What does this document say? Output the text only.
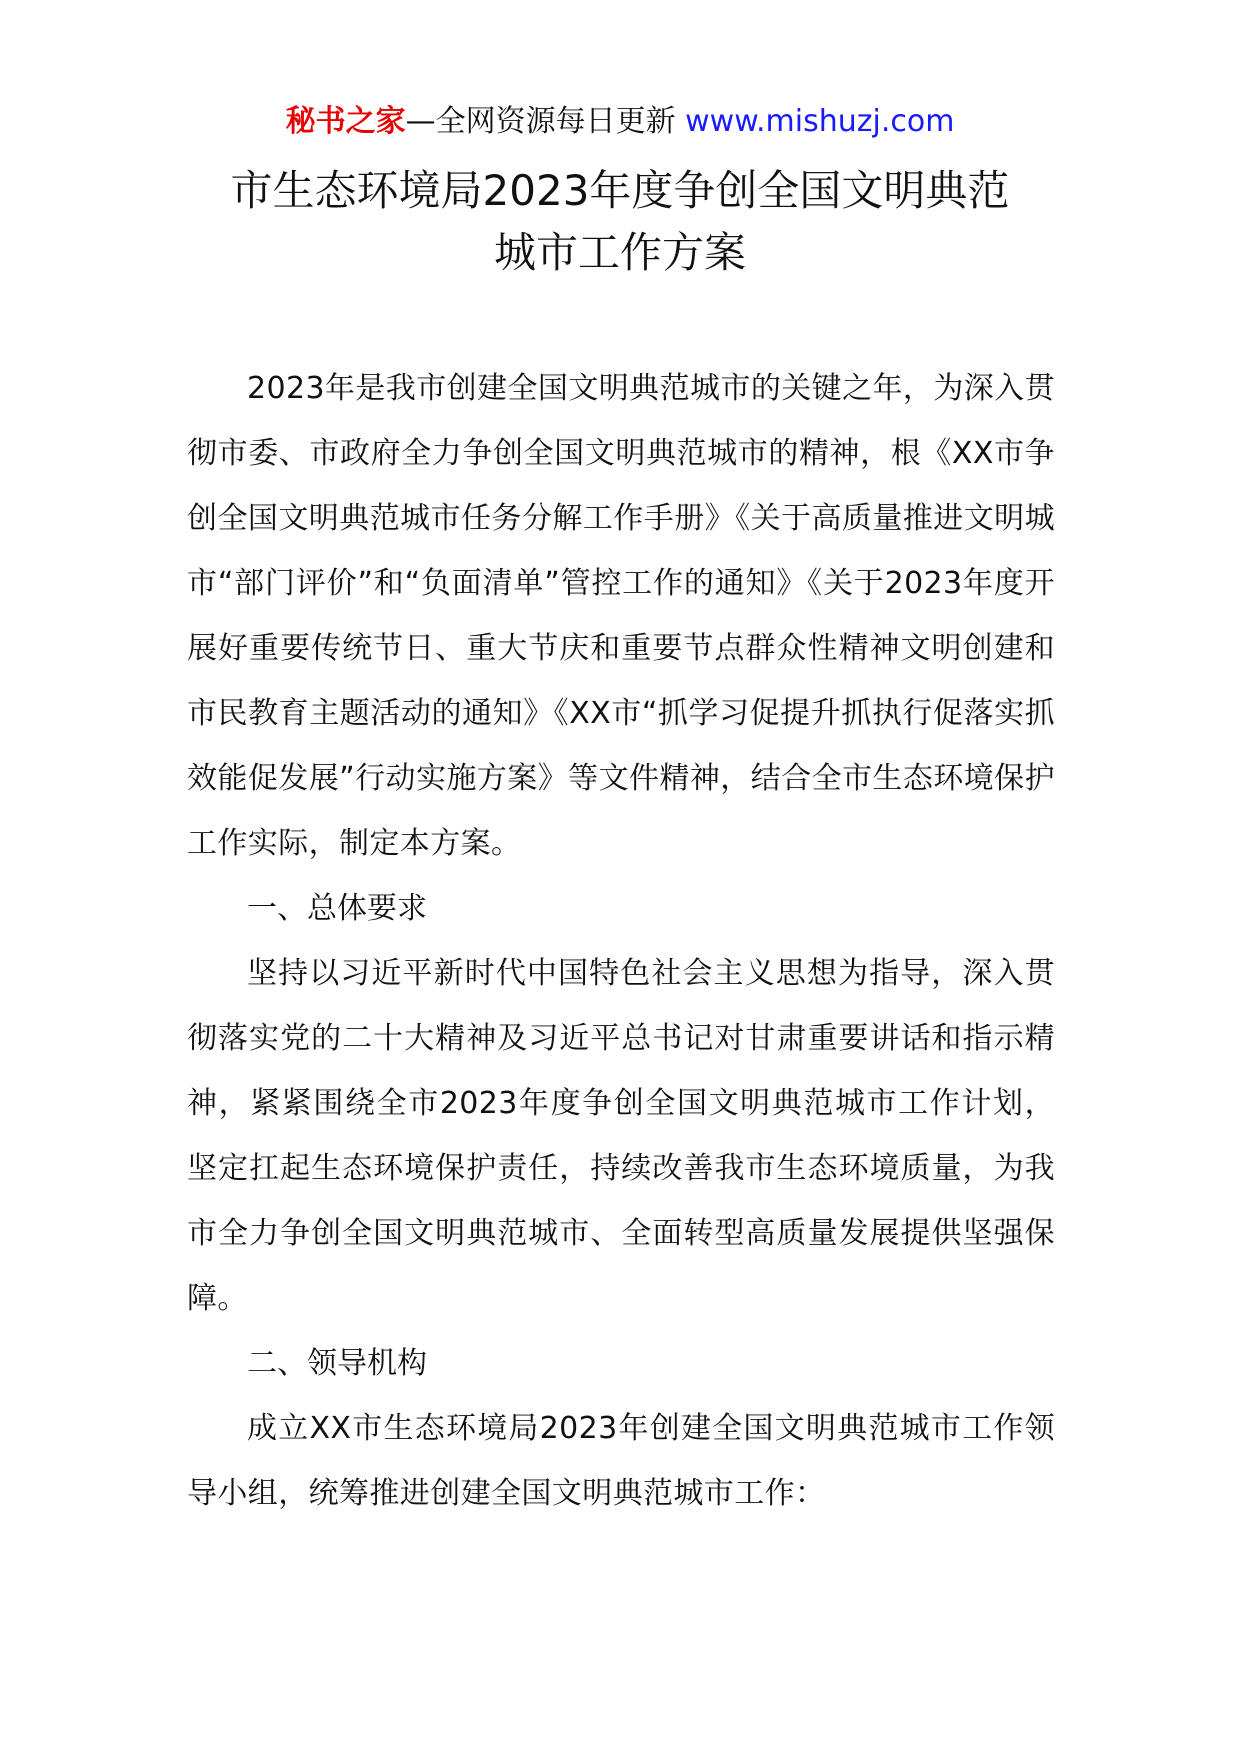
秘书之家—全网资源每日更新 www.mishuzj.com
市生态环境局2023年度争创全国文明典范
城市工作方案

2023年是我市创建全国文明典范城市的关键之年，为深入贯彻市委、市政府全力争创全国文明典范城市的精神，根《XX市争创全国文明典范城市任务分解工作手册》《关于高质量推进文明城市“部门评价”和“负面清单”管控工作的通知》《关于2023年度开展好重要传统节日、重大节庆和重要节点群众性精神文明创建和市民教育主题活动的通知》《XX市“抓学习促提升抓执行促落实抓效能促发展”行动实施方案》等文件精神，结合全市生态环境保护工作实际，制定本方案。

一、总体要求

坚持以习近平新时代中国特色社会主义思想为指导，深入贯彻落实党的二十大精神及习近平总书记对甘肃重要讲话和指示精神，紧紧围绕全市2023年度争创全国文明典范城市工作计划，坚定扛起生态环境保护责任，持续改善我市生态环境质量，为我市全力争创全国文明典范城市、全面转型高质量发展提供坚强保障。

二、领导机构

成立XX市生态环境局2023年创建全国文明典范城市工作领导小组，统筹推进创建全国文明典范城市工作：
